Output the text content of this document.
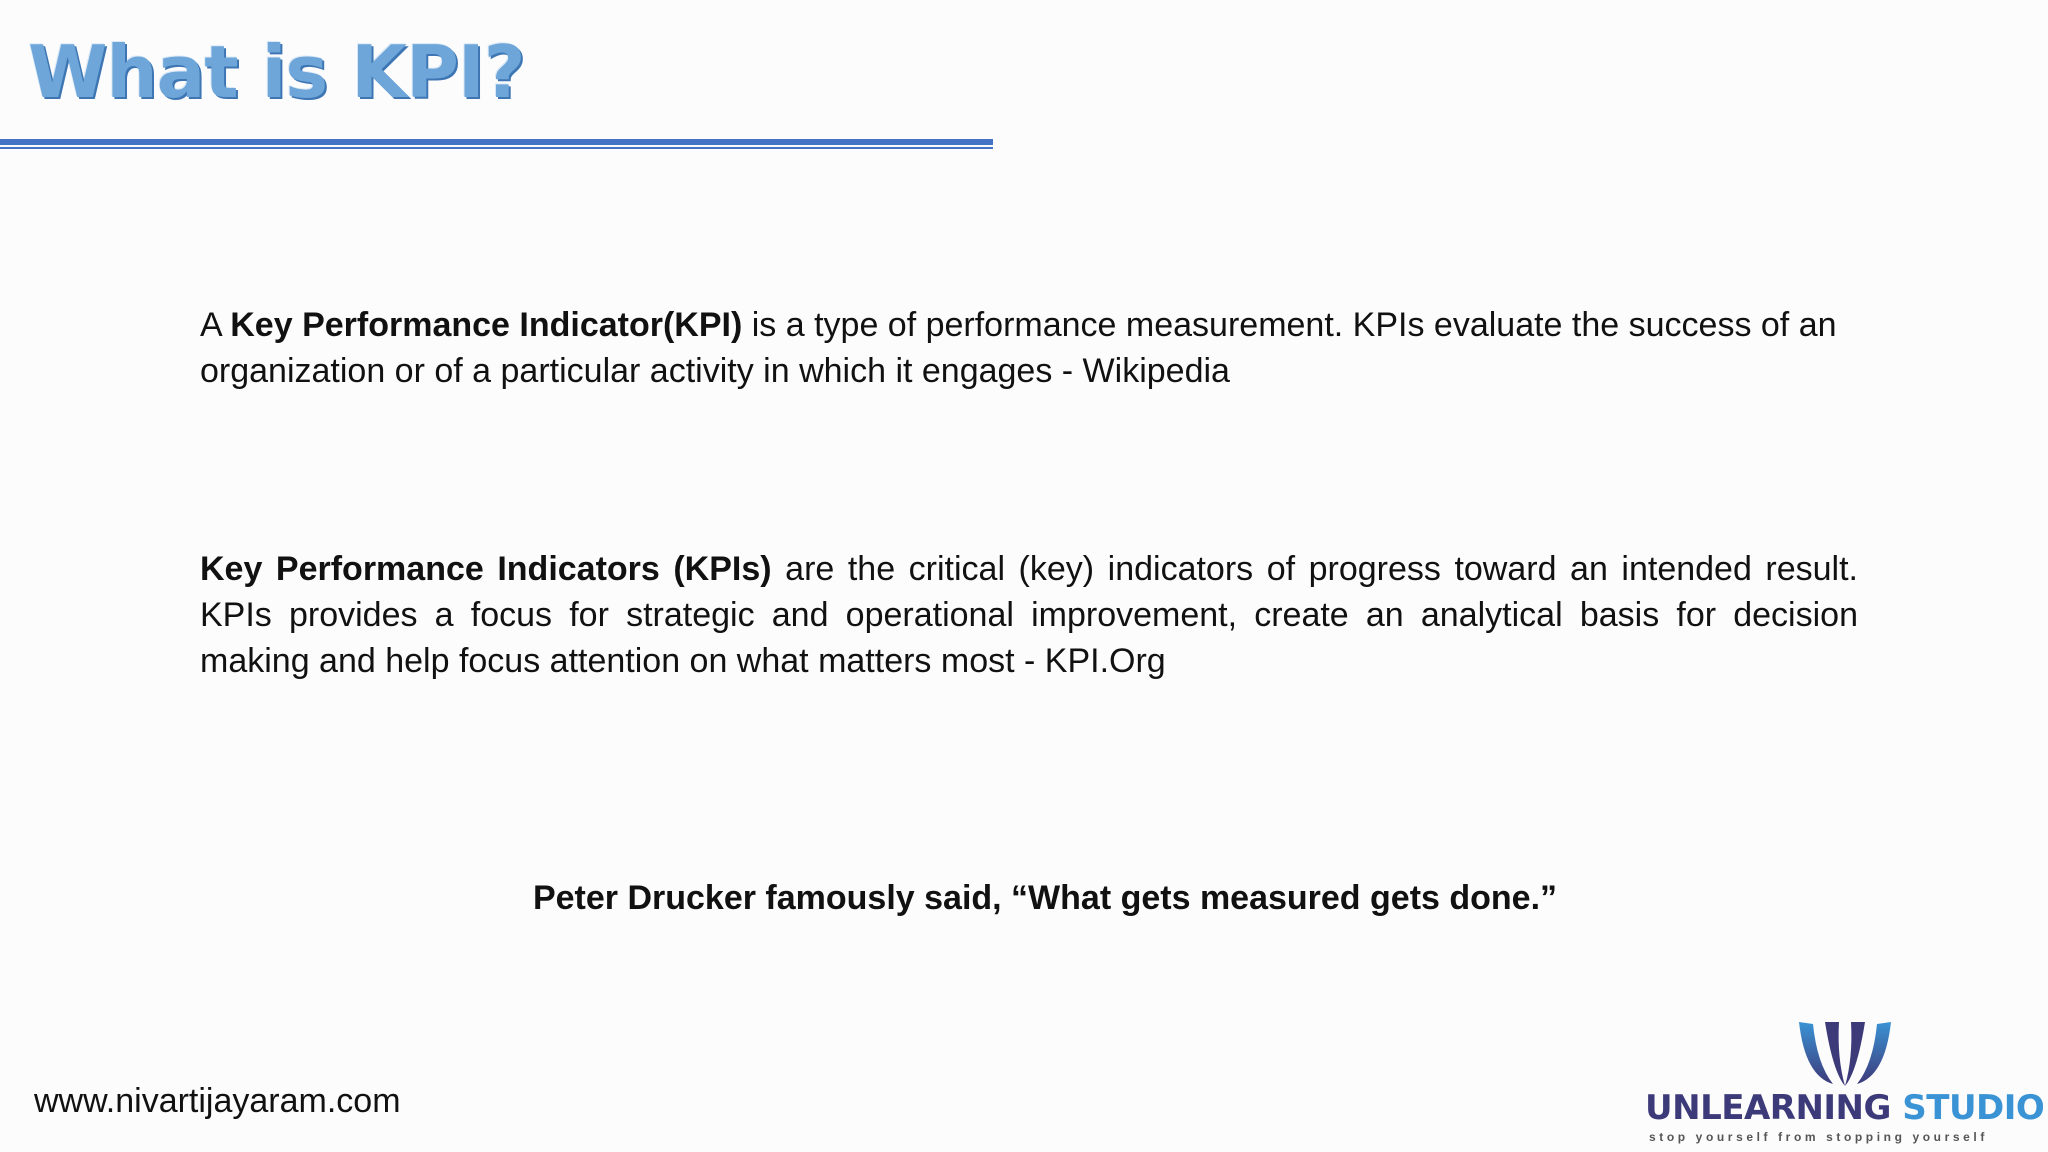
What is KPI?

A Key Performance Indicator(KPI) is a type of performance measurement. KPIs evaluate the success of an organization or of a particular activity in which it engages - Wikipedia

Key Performance Indicators (KPIs) are the critical (key) indicators of progress toward an intended result. KPIs provides a focus for strategic and operational improvement, create an analytical basis for decision making and help focus attention on what matters most - KPI.Org

Peter Drucker famously said, “What gets measured gets done.”

www.nivartijayaram.com	UNLEARNING STUDIO
stop yourself from stopping yourself
